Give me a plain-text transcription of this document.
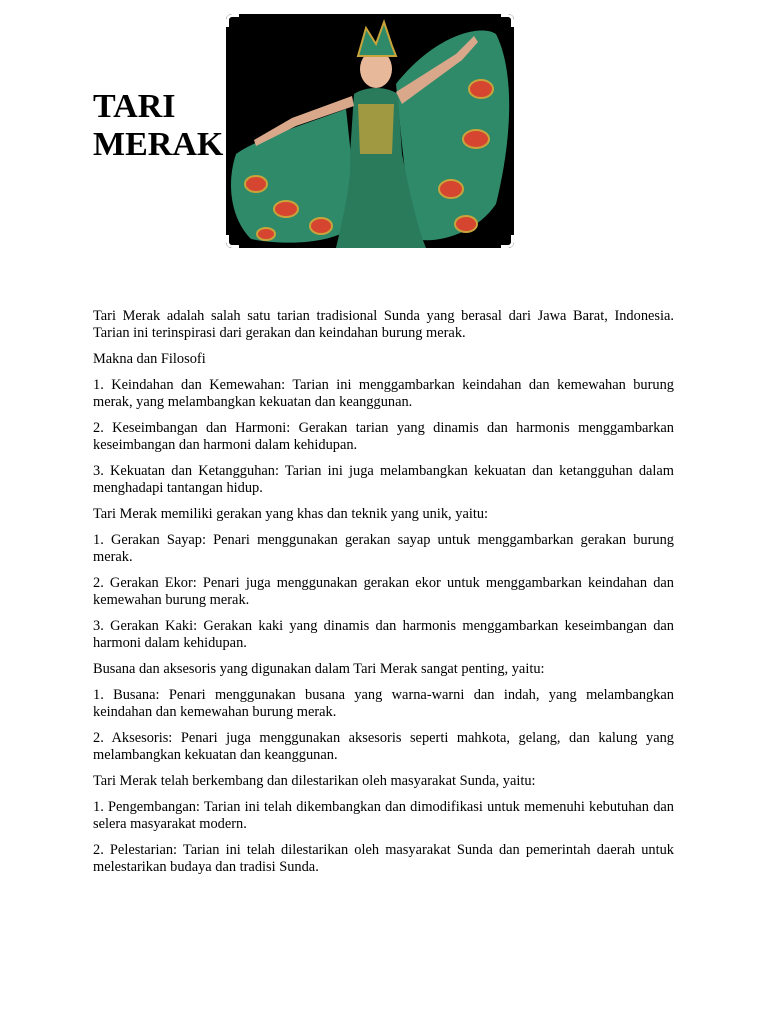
TARI
MERAK

Tari Merak adalah salah satu tarian tradisional Sunda yang berasal dari Jawa Barat, Indonesia. Tarian ini terinspirasi dari gerakan dan keindahan burung merak.

Makna dan Filosofi

1. Keindahan dan Kemewahan: Tarian ini menggambarkan keindahan dan kemewahan burung merak, yang melambangkan kekuatan dan keanggunan.

2. Keseimbangan dan Harmoni: Gerakan tarian yang dinamis dan harmonis menggambarkan keseimbangan dan harmoni dalam kehidupan.

3. Kekuatan dan Ketangguhan: Tarian ini juga melambangkan kekuatan dan ketangguhan dalam menghadapi tantangan hidup.

Tari Merak memiliki gerakan yang khas dan teknik yang unik, yaitu:

1. Gerakan Sayap: Penari menggunakan gerakan sayap untuk menggambarkan gerakan burung merak.

2. Gerakan Ekor: Penari juga menggunakan gerakan ekor untuk menggambarkan keindahan dan kemewahan burung merak.

3. Gerakan Kaki: Gerakan kaki yang dinamis dan harmonis menggambarkan keseimbangan dan harmoni dalam kehidupan.

Busana dan aksesoris yang digunakan dalam Tari Merak sangat penting, yaitu:

1. Busana: Penari menggunakan busana yang warna-warni dan indah, yang melambangkan keindahan dan kemewahan burung merak.

2. Aksesoris: Penari juga menggunakan aksesoris seperti mahkota, gelang, dan kalung yang melambangkan kekuatan dan keanggunan.

Tari Merak telah berkembang dan dilestarikan oleh masyarakat Sunda, yaitu:

1. Pengembangan: Tarian ini telah dikembangkan dan dimodifikasi untuk memenuhi kebutuhan dan selera masyarakat modern.

2. Pelestarian: Tarian ini telah dilestarikan oleh masyarakat Sunda dan pemerintah daerah untuk melestarikan budaya dan tradisi Sunda.
